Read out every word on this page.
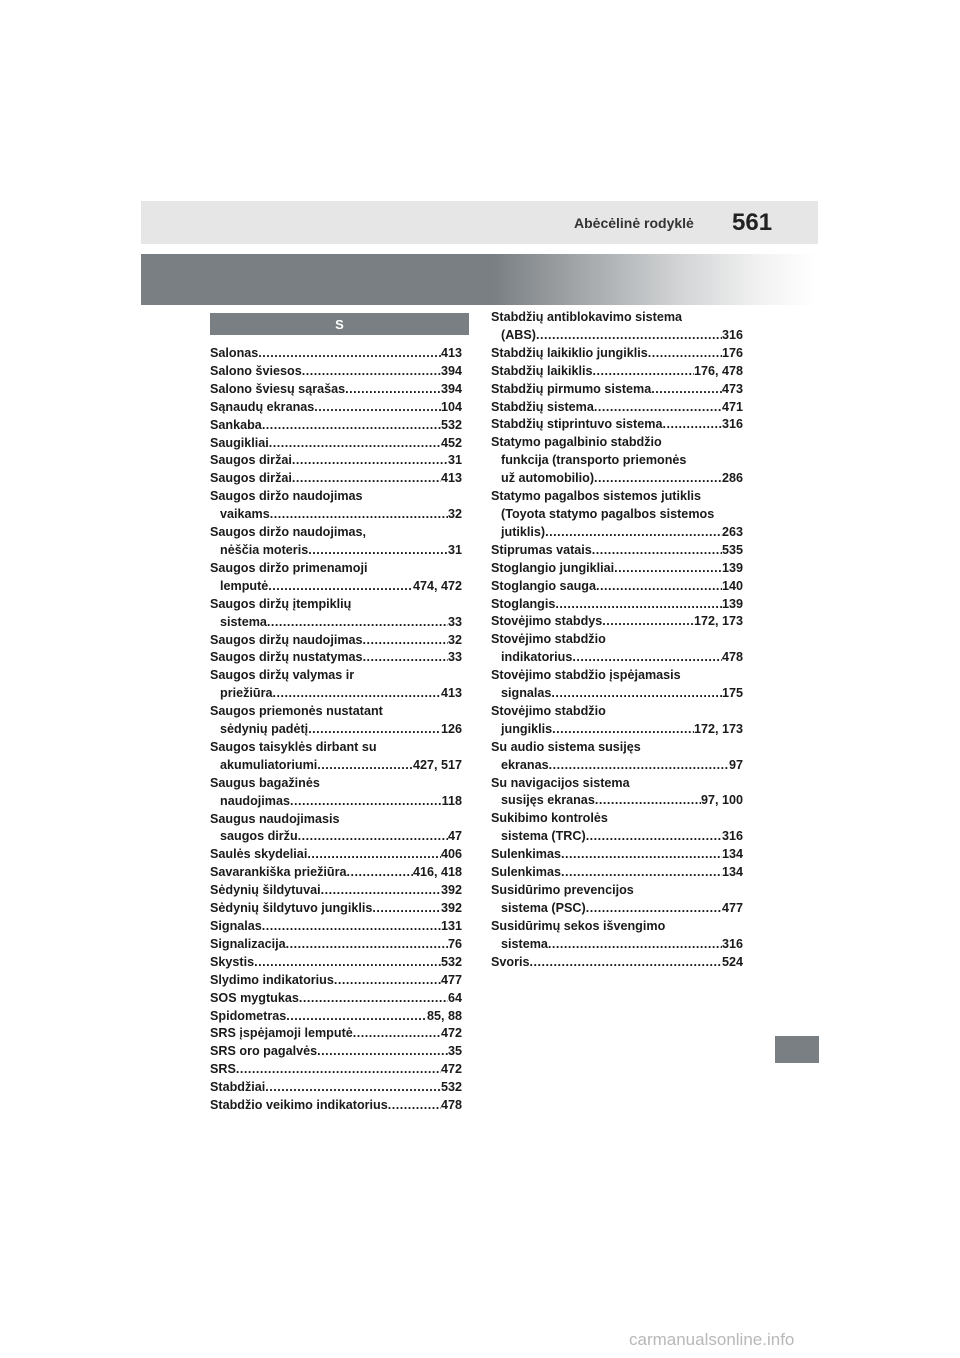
Abėcėlinė rodyklė 561
S
Salonas .....	413
Salono šviesos .....	394
Salono šviesų sąrašas .....	394
Sąnaudų ekranas .....	104
Sankaba .....	532
Saugikliai .....	452
Saugos diržai .....	31
Saugos diržai .....	413
Saugos diržo naudojimas
vaikams .....	32
Saugos diržo naudojimas,
nėščia moteris .....	31
Saugos diržo primenamoji
lemputė .....	474, 472
Saugos diržų įtempiklių
sistema .....	33
Saugos diržų naudojimas .....	32
Saugos diržų nustatymas .....	33
Saugos diržų valymas ir
priežiūra .....	413
Saugos priemonės nustatant
sėdynių padėtį .....	126
Saugos taisyklės dirbant su
akumuliatoriumi .....	427, 517
Saugus bagažinės
naudojimas .....	118
Saugus naudojimasis
saugos diržu .....	47
Saulės skydeliai .....	406
Savarankiška priežiūra .....	416, 418
Sėdynių šildytuvai .....	392
Sėdynių šildytuvo jungiklis .....	392
Signalas .....	131
Signalizacija .....	76
Skystis .....	532
Slydimo indikatorius .....	477
SOS mygtukas .....	64
Spidometras .....	85, 88
SRS įspėjamoji lemputė .....	472
SRS oro pagalvės .....	35
SRS .....	472
Stabdžiai .....	532
Stabdžio veikimo indikatorius .....	478
Stabdžių antiblokavimo sistema
(ABS) .....	316
Stabdžių laikiklio jungiklis .....	176
Stabdžių laikiklis .....	176, 478
Stabdžių pirmumo sistema .....	473
Stabdžių sistema .....	471
Stabdžių stiprintuvo sistema .....	316
Statymo pagalbinio stabdžio
funkcija (transporto priemonės
už automobilio) .....	286
Statymo pagalbos sistemos jutiklis
(Toyota statymo pagalbos sistemos
jutiklis) .....	263
Stiprumas vatais .....	535
Stoglangio jungikliai .....	139
Stoglangio sauga .....	140
Stoglangis .....	139
Stovėjimo stabdys .....	172, 173
Stovėjimo stabdžio
indikatorius .....	478
Stovėjimo stabdžio įspėjamasis
signalas .....	175
Stovėjimo stabdžio
jungiklis .....	172, 173
Su audio sistema susijęs
ekranas .....	97
Su navigacijos sistema
susijęs ekranas .....	97, 100
Sukibimo kontrolės
sistema (TRC) .....	316
Sulenkimas .....	134
Sulenkimas .....	134
Susidūrimo prevencijos
sistema (PSC) .....	477
Susidūrimų sekos išvengimo
sistema .....	316
Svoris .....	524
carmanualsonline.info
